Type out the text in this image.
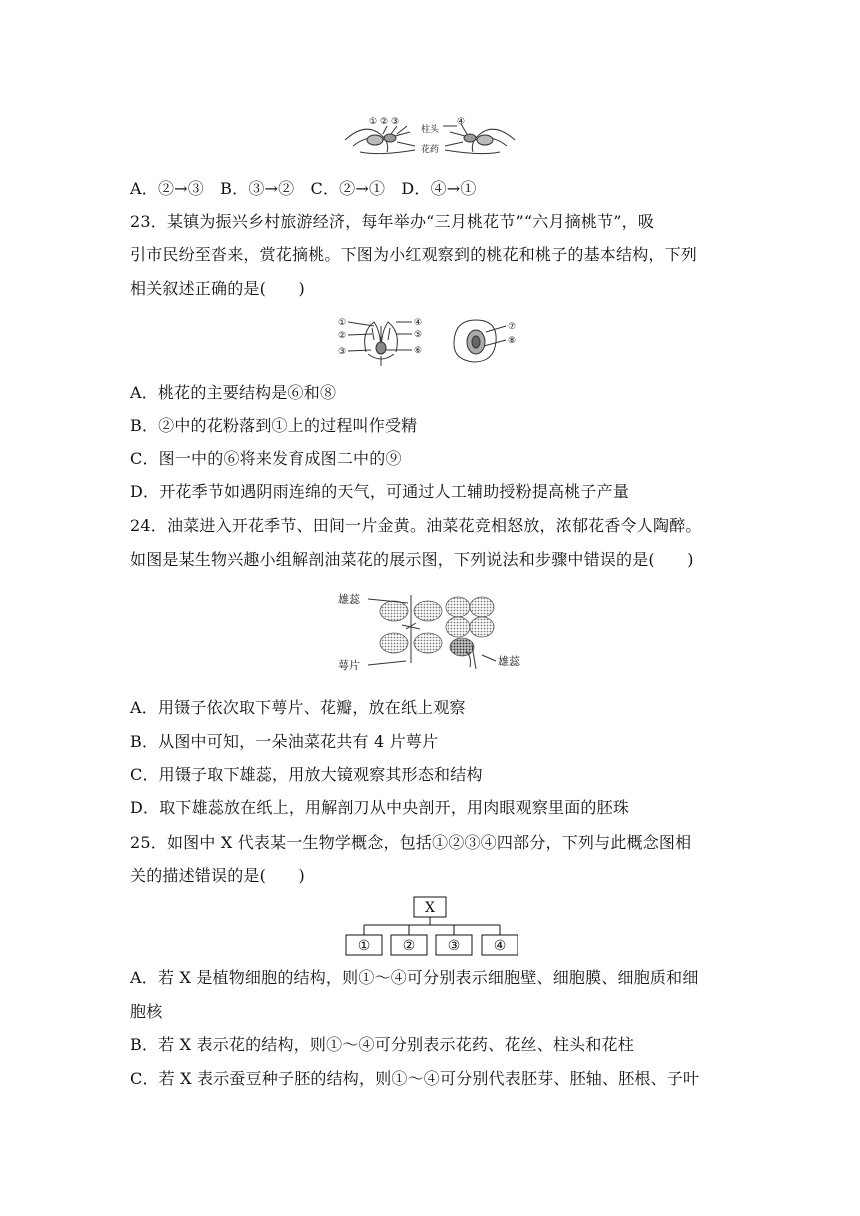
① ② ③	④
柱头
花药
A．②→③　B．③→②　C．②→①　D．④→①
23．某镇为振兴乡村旅游经济，每年举办“三月桃花节”“六月摘桃节”，吸
引市民纷至沓来，赏花摘桃。下图为小红观察到的桃花和桃子的基本结构，下列
相关叙述正确的是(　　)
①
②
③
④
⑤
⑥
⑦
⑧
A．桃花的主要结构是⑥和⑧
B．②中的花粉落到①上的过程叫作受精
C．图一中的⑥将来发育成图二中的⑨
D．开花季节如遇阴雨连绵的天气，可通过人工辅助授粉提高桃子产量
24．油菜进入开花季节、田间一片金黄。油菜花竞相怒放，浓郁花香令人陶醉。
如图是某生物兴趣小组解剖油菜花的展示图，下列说法和步骤中错误的是(　　)
雄蕊
萼片	雄蕊
A．用镊子依次取下萼片、花瓣，放在纸上观察
B．从图中可知，一朵油菜花共有 4 片萼片
C．用镊子取下雄蕊，用放大镜观察其形态和结构
D．取下雄蕊放在纸上，用解剖刀从中央剖开，用肉眼观察里面的胚珠
25．如图中 X 代表某一生物学概念，包括①②③④四部分，下列与此概念图相
关的描述错误的是(　　)
X
① ② ③ ④
A．若 X 是植物细胞的结构，则①～④可分别表示细胞壁、细胞膜、细胞质和细
胞核
B．若 X 表示花的结构，则①～④可分别表示花药、花丝、柱头和花柱
C．若 X 表示蚕豆种子胚的结构，则①～④可分别代表胚芽、胚轴、胚根、子叶
